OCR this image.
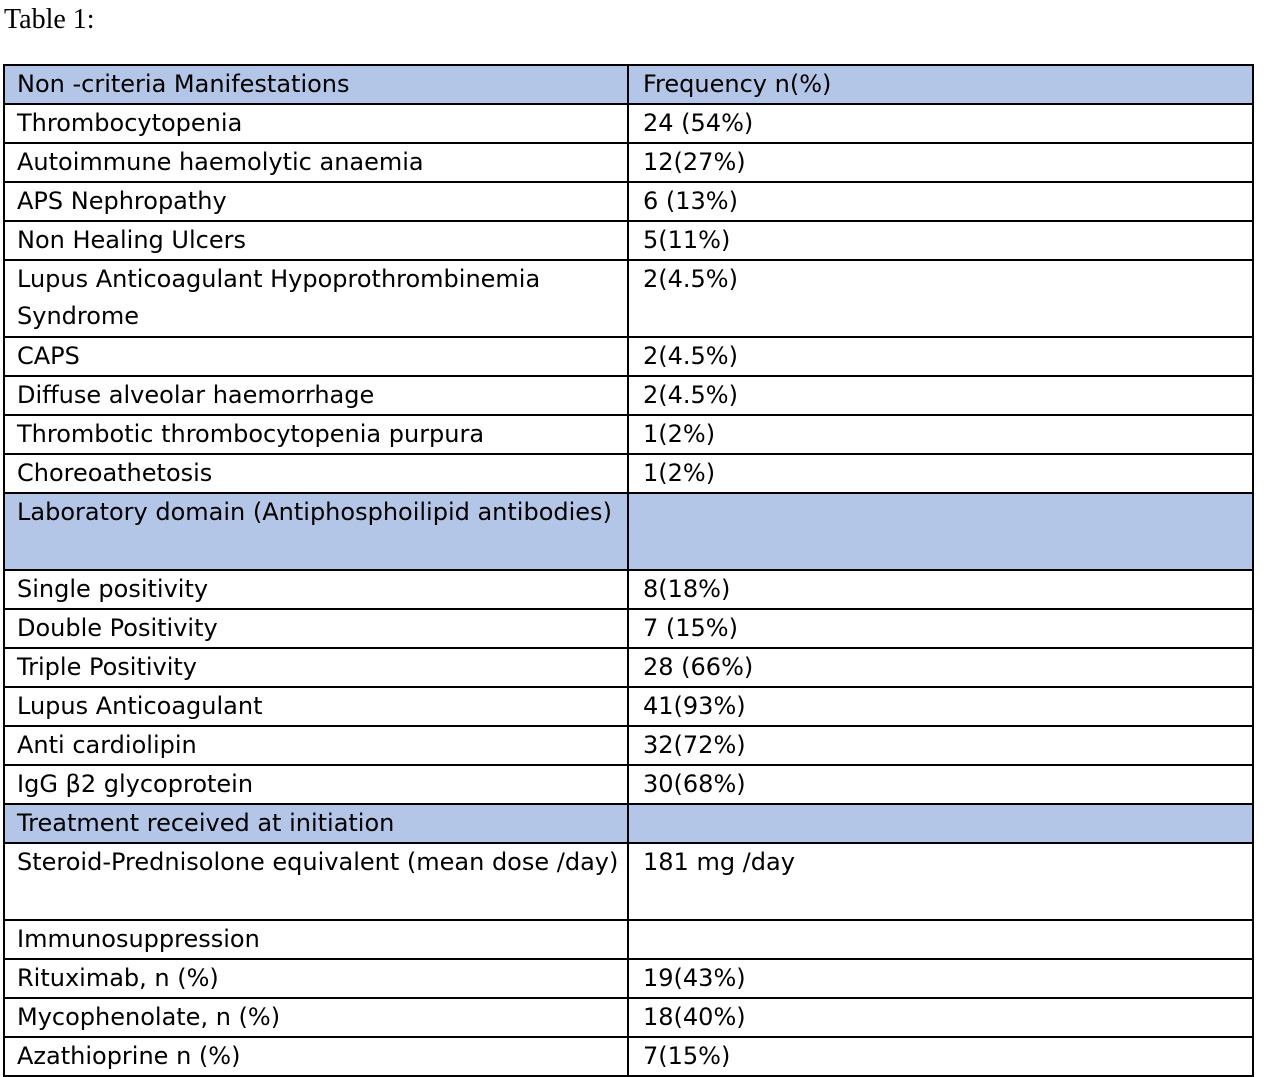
Table 1:
Non -criteria Manifestations	Frequency n(%)
Thrombocytopenia	24 (54%)
Autoimmune haemolytic anaemia	12(27%)
APS Nephropathy	6 (13%)
Non Healing Ulcers	5(11%)
Lupus Anticoagulant Hypoprothrombinemia Syndrome	2(4.5%)
CAPS	2(4.5%)
Diffuse alveolar haemorrhage	2(4.5%)
Thrombotic thrombocytopenia purpura	1(2%)
Choreoathetosis	1(2%)
Laboratory domain (Antiphosphoilipid antibodies)	
Single positivity	8(18%)
Double Positivity	7 (15%)
Triple Positivity	28 (66%)
Lupus Anticoagulant	41(93%)
Anti cardiolipin	32(72%)
IgG β2 glycoprotein	30(68%)
Treatment received at initiation	
Steroid-Prednisolone equivalent (mean dose /day)	181 mg /day
Immunosuppression	
Rituximab, n (%)	19(43%)
Mycophenolate, n (%)	18(40%)
Azathioprine n (%)	7(15%)
